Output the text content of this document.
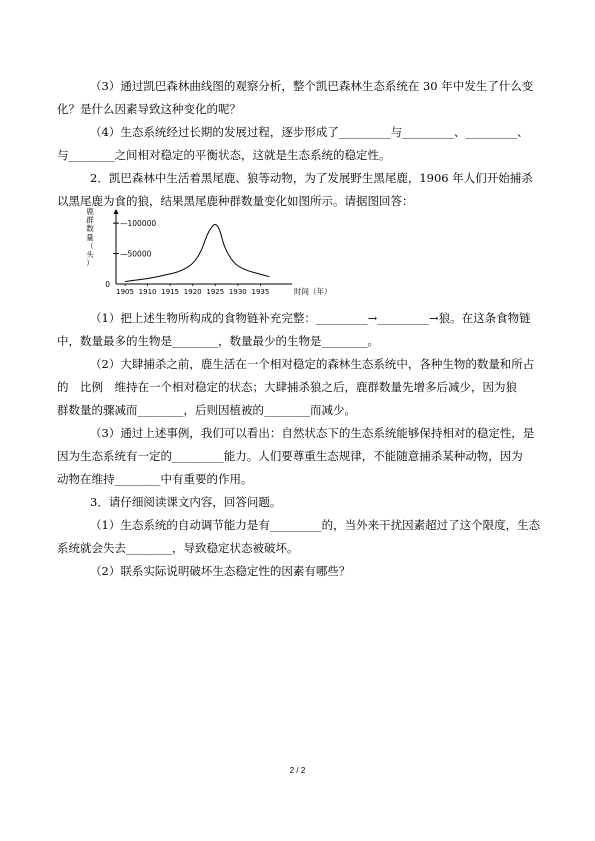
（3）通过凯巴森林曲线图的观察分析，整个凯巴森林生态系统在 30 年中发生了什么变
化？是什么因素导致这种变化的呢？
（4）生态系统经过长期的发展过程，逐步形成了_________与_________、_________、
与________之间相对稳定的平衡状态，这就是生态系统的稳定性。
2．凯巴森林中生活着黑尾鹿、狼等动物，为了发展野生黑尾鹿，1906 年人们开始捕杀
以黑尾鹿为食的狼，结果黑尾鹿种群数量变化如图所示。请据图回答：
（1）把上述生物所构成的食物链补充完整：_________→_________→狼。在这条食物链
中，数量最多的生物是________，数量最少的生物是________。
（2）大肆捕杀之前，鹿生活在一个相对稳定的森林生态系统中，各种生物的数量和所占
的　比例　维持在一个相对稳定的状态；大肆捕杀狼之后，鹿群数量先增多后减少，因为狼
群数量的骤减而________，后则因植被的________而减少。
（3）通过上述事例，我们可以看出：自然状态下的生态系统能够保持相对的稳定性，是
因为生态系统有一定的_________能力。人们要尊重生态规律，不能随意捕杀某种动物，因为
动物在维持________中有重要的作用。
3．请仔细阅读课文内容，回答问题。
（1）生态系统的自动调节能力是有_________的，当外来干扰因素超过了这个限度，生态
系统就会失去________，导致稳定状态被破坏。
（2）联系实际说明破坏生态稳定性的因素有哪些？
0
—50000
—100000
1905 1910 1915 1920 1925 1930 1935	时间（年）
鹿群数量（头）
2 / 2
